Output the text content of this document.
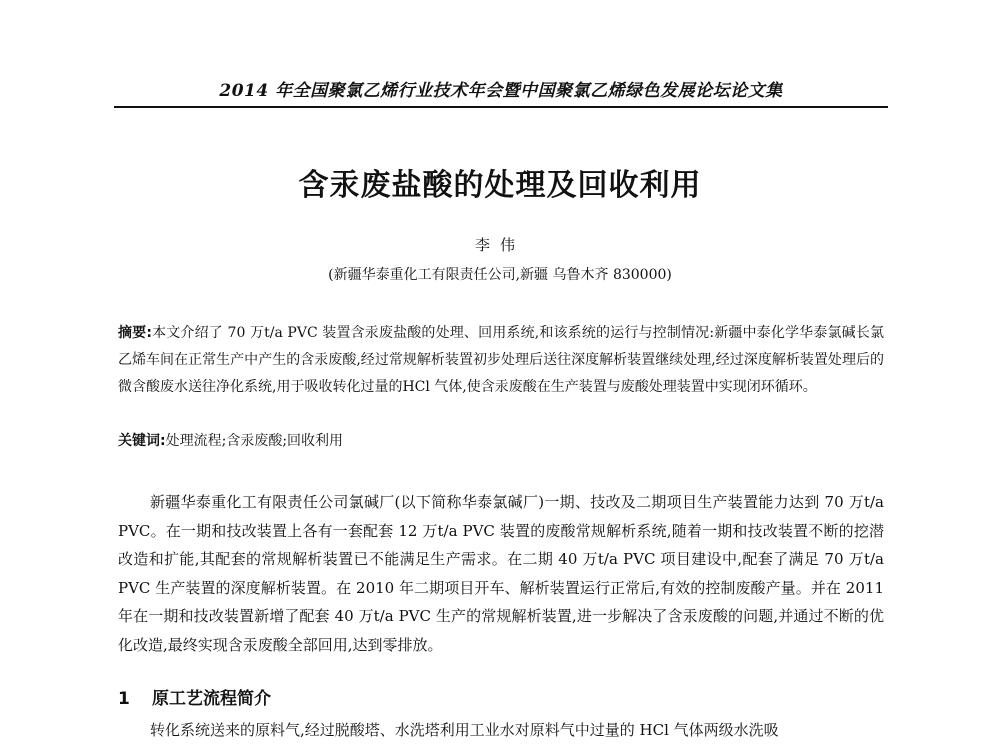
2014 年全国聚氯乙烯行业技术年会暨中国聚氯乙烯绿色发展论坛论文集
含汞废盐酸的处理及回收利用
李伟
(新疆华泰重化工有限责任公司,新疆 乌鲁木齐 830000)
摘要:本文介绍了 70 万t/a PVC 装置含汞废盐酸的处理、回用系统,和该系统的运行与控制情况:新疆中泰化学华泰氯碱长氯乙烯车间在正常生产中产生的含汞废酸,经过常规解析装置初步处理后送往深度解析装置继续处理,经过深度解析装置处理后的微含酸废水送往净化系统,用于吸收转化过量的HCl 气体,使含汞废酸在生产装置与废酸处理装置中实现闭环循环。
关键词:处理流程;含汞废酸;回收利用
新疆华泰重化工有限责任公司氯碱厂(以下简称华泰氯碱厂)一期、技改及二期项目生产装置能力达到 70 万t/a PVC。在一期和技改装置上各有一套配套 12 万t/a PVC 装置的废酸常规解析系统,随着一期和技改装置不断的挖潜改造和扩能,其配套的常规解析装置已不能满足生产需求。在二期 40 万t/a PVC 项目建设中,配套了满足 70 万t/a PVC 生产装置的深度解析装置。在 2010 年二期项目开车、解析装置运行正常后,有效的控制废酸产量。并在 2011 年在一期和技改装置新增了配套 40 万t/a PVC 生产的常规解析装置,进一步解决了含汞废酸的问题,并通过不断的优化改造,最终实现含汞废酸全部回用,达到零排放。
1 原工艺流程简介
转化系统送来的原料气,经过脱酸塔、水洗塔利用工业水对原料气中过量的 HCl 气体两级水洗吸
